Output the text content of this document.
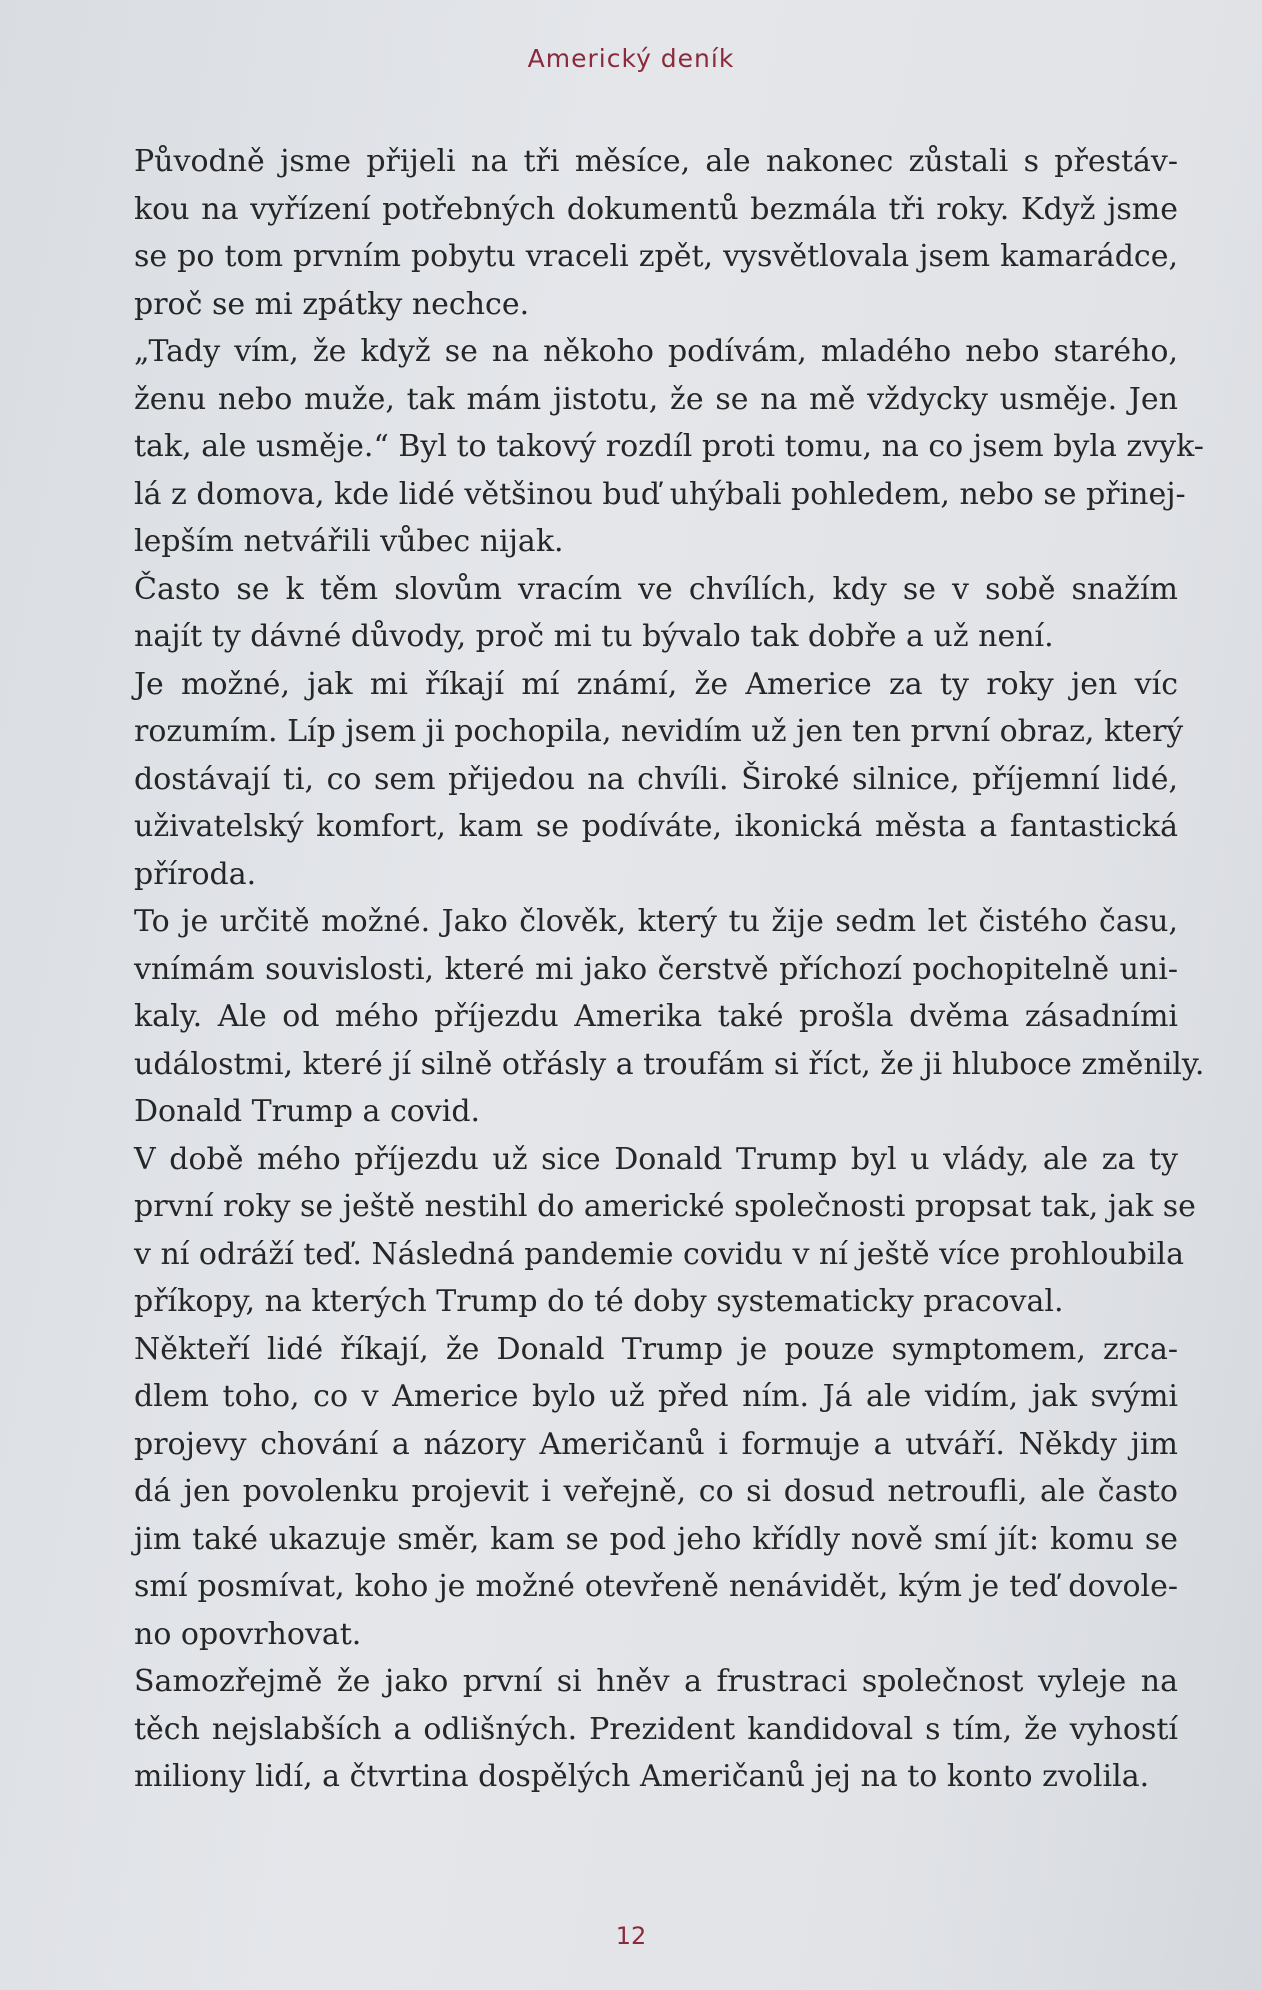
Americký deník

Původně jsme přijeli na tři měsíce, ale nakonec zůstali s přestáv-
kou na vyřízení potřebných dokumentů bezmála tři roky. Když jsme
se po tom prvním pobytu vraceli zpět, vysvětlovala jsem kamarádce,
proč se mi zpátky nechce.

„Tady vím, že když se na někoho podívám, mladého nebo starého,
ženu nebo muže, tak mám jistotu, že se na mě vždycky usměje. Jen
tak, ale usměje.“ Byl to takový rozdíl proti tomu, na co jsem byla zvyk-
lá z domova, kde lidé většinou buď uhýbali pohledem, nebo se přinej-
lepším netvářili vůbec nijak.

Často se k těm slovům vracím ve chvílích, kdy se v sobě snažím
najít ty dávné důvody, proč mi tu bývalo tak dobře a už není.

Je možné, jak mi říkají mí známí, že Americe za ty roky jen víc
rozumím. Líp jsem ji pochopila, nevidím už jen ten první obraz, který
dostávají ti, co sem přijedou na chvíli. Široké silnice, příjemní lidé,
uživatelský komfort, kam se podíváte, ikonická města a fantastická
příroda.

To je určitě možné. Jako člověk, který tu žije sedm let čistého času,
vnímám souvislosti, které mi jako čerstvě příchozí pochopitelně uni-
kaly. Ale od mého příjezdu Amerika také prošla dvěma zásadními
událostmi, které jí silně otřásly a troufám si říct, že ji hluboce změnily.

Donald Trump a covid.

V době mého příjezdu už sice Donald Trump byl u vlády, ale za ty
první roky se ještě nestihl do americké společnosti propsat tak, jak se
v ní odráží teď. Následná pandemie covidu v ní ještě více prohloubila
příkopy, na kterých Trump do té doby systematicky pracoval.

Někteří lidé říkají, že Donald Trump je pouze symptomem, zrca-
dlem toho, co v Americe bylo už před ním. Já ale vidím, jak svými
projevy chování a názory Američanů i formuje a utváří. Někdy jim
dá jen povolenku projevit i veřejně, co si dosud netroufli, ale často
jim také ukazuje směr, kam se pod jeho křídly nově smí jít: komu se
smí posmívat, koho je možné otevřeně nenávidět, kým je teď dovole-
no opovrhovat.

Samozřejmě že jako první si hněv a frustraci společnost vyleje na
těch nejslabších a odlišných. Prezident kandidoval s tím, že vyhostí
miliony lidí, a čtvrtina dospělých Američanů jej na to konto zvolila.

12
